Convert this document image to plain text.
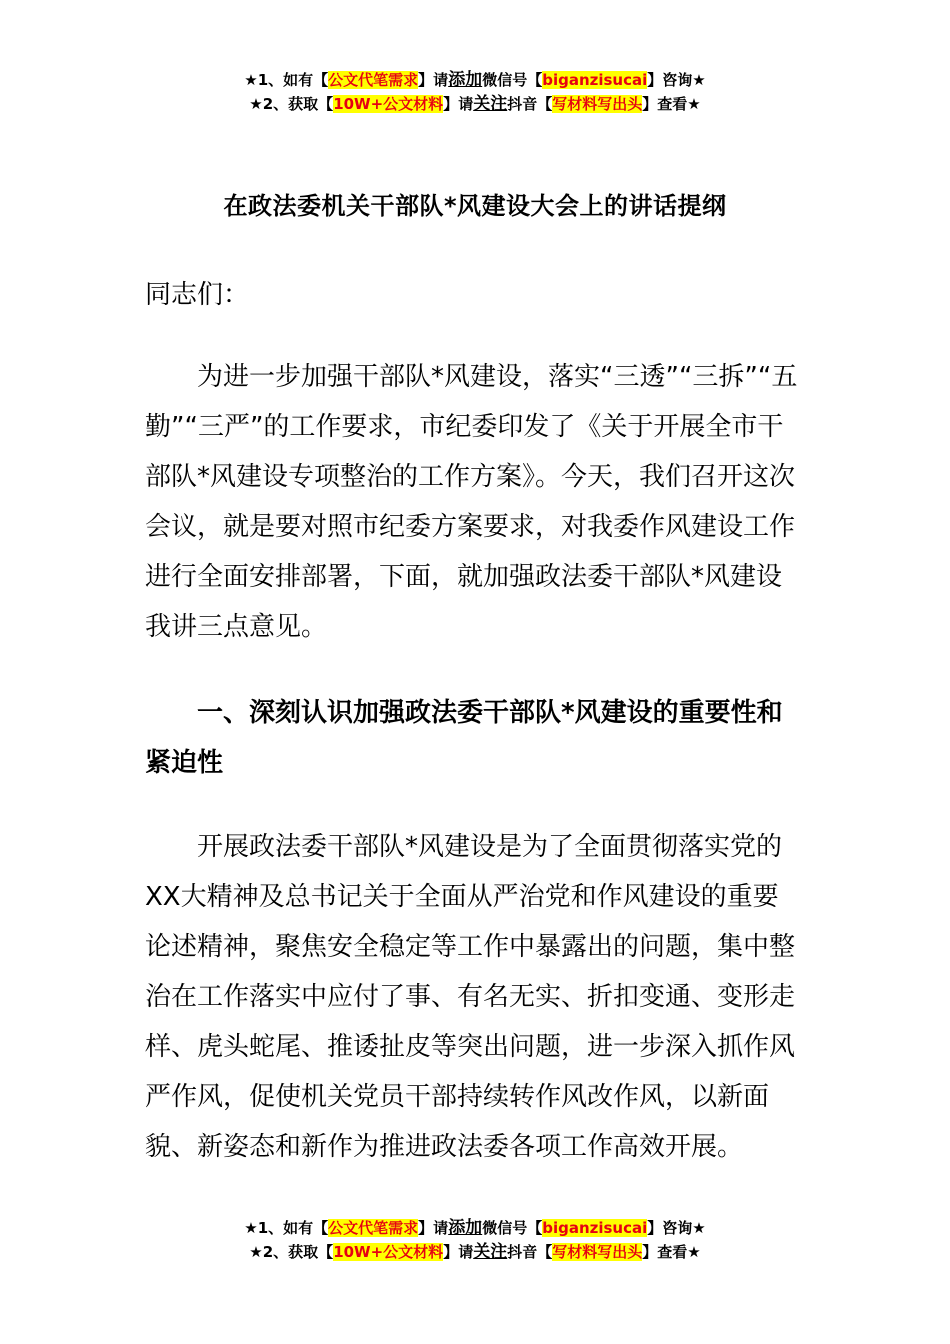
★1、如有【公文代笔需求】请添加微信号【biganzisucai】咨询★
★2、获取【10W+公文材料】请关注抖音【写材料写出头】查看★
在政法委机关干部队*风建设大会上的讲话提纲
同志们：
为进一步加强干部队*风建设，落实“三透”“三拆”“五勤”“三严”的工作要求，市纪委印发了《关于开展全市干部队*风建设专项整治的工作方案》。今天，我们召开这次会议，就是要对照市纪委方案要求，对我委作风建设工作进行全面安排部署，下面，就加强政法委干部队*风建设我讲三点意见。
一、深刻认识加强政法委干部队*风建设的重要性和紧迫性
开展政法委干部队*风建设是为了全面贯彻落实党的XX大精神及总书记关于全面从严治党和作风建设的重要论述精神，聚焦安全稳定等工作中暴露出的问题，集中整治在工作落实中应付了事、有名无实、折扣变通、变形走样、虎头蛇尾、推诿扯皮等突出问题，进一步深入抓作风严作风，促使机关党员干部持续转作风改作风，以新面貌、新姿态和新作为推进政法委各项工作高效开展。
★1、如有【公文代笔需求】请添加微信号【biganzisucai】咨询★
★2、获取【10W+公文材料】请关注抖音【写材料写出头】查看★
